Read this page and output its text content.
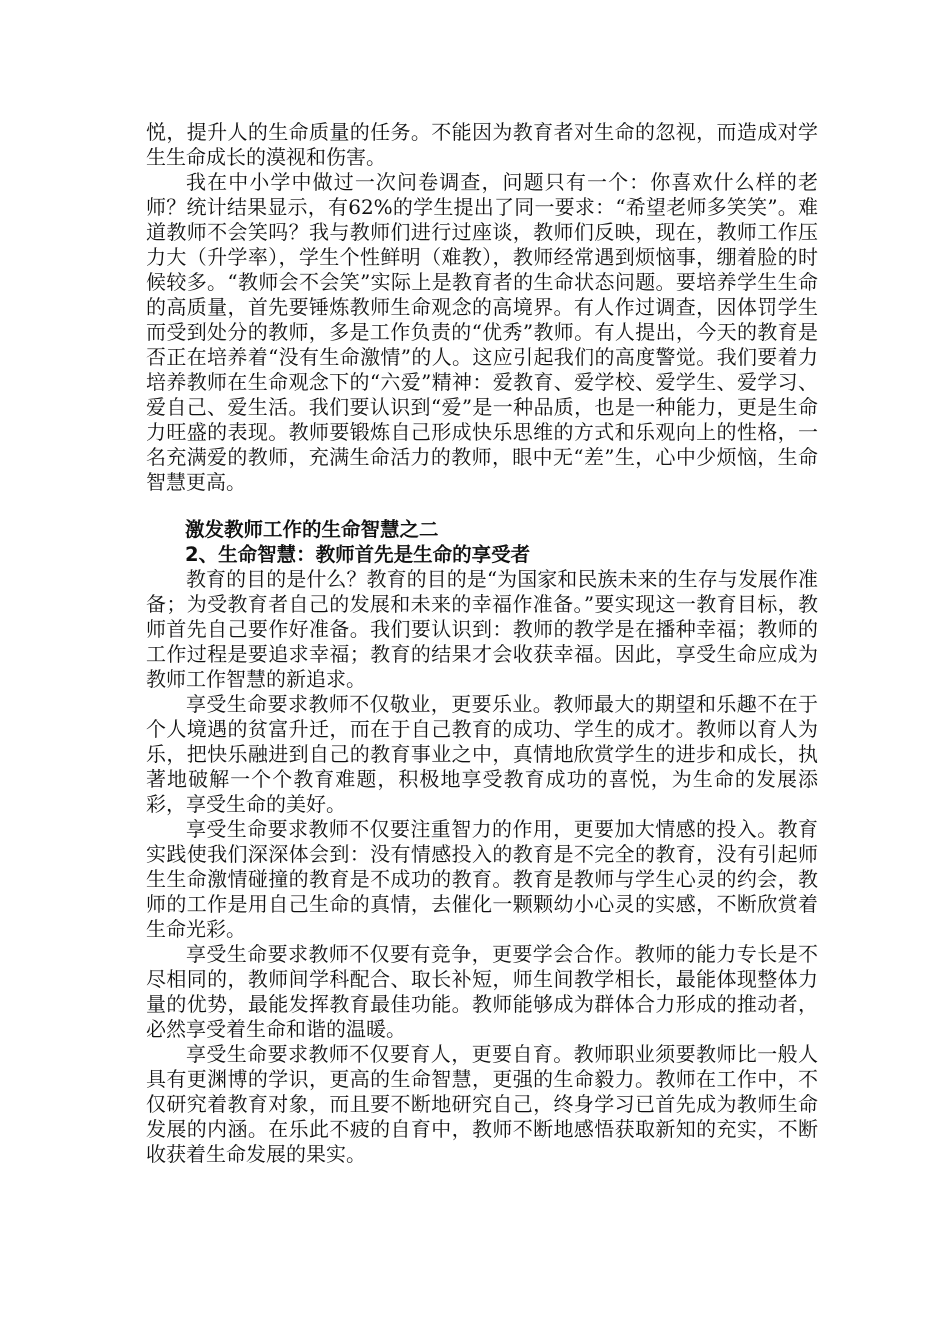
悦，提升人的生命质量的任务。不能因为教育者对生命的忽视，而造成对学生生命成长的漠视和伤害。

我在中小学中做过一次问卷调查，问题只有一个：你喜欢什么样的老师？统计结果显示，有62%的学生提出了同一要求：“希望老师多笑笑”。难道教师不会笑吗？我与教师们进行过座谈，教师们反映，现在，教师工作压力大（升学率），学生个性鲜明（难教），教师经常遇到烦恼事，绷着脸的时候较多。“教师会不会笑”实际上是教育者的生命状态问题。要培养学生生命的高质量，首先要锤炼教师生命观念的高境界。有人作过调查，因体罚学生而受到处分的教师，多是工作负责的“优秀”教师。有人提出，今天的教育是否正在培养着“没有生命激情”的人。这应引起我们的高度警觉。我们要着力培养教师在生命观念下的“六爱”精神：爱教育、爱学校、爱学生、爱学习、爱自己、爱生活。我们要认识到“爱”是一种品质，也是一种能力，更是生命力旺盛的表现。教师要锻炼自己形成快乐思维的方式和乐观向上的性格，一名充满爱的教师，充满生命活力的教师，眼中无“差”生，心中少烦恼，生命智慧更高。

激发教师工作的生命智慧之二

2、生命智慧：教师首先是生命的享受者

教育的目的是什么？教育的目的是“为国家和民族未来的生存与发展作准备；为受教育者自己的发展和未来的幸福作准备。”要实现这一教育目标，教师首先自己要作好准备。我们要认识到：教师的教学是在播种幸福；教师的工作过程是要追求幸福；教育的结果才会收获幸福。因此，享受生命应成为教师工作智慧的新追求。

享受生命要求教师不仅敬业，更要乐业。教师最大的期望和乐趣不在于个人境遇的贫富升迁，而在于自己教育的成功、学生的成才。教师以育人为乐，把快乐融进到自己的教育事业之中，真情地欣赏学生的进步和成长，执著地破解一个个教育难题，积极地享受教育成功的喜悦，为生命的发展添彩，享受生命的美好。

享受生命要求教师不仅要注重智力的作用，更要加大情感的投入。教育实践使我们深深体会到：没有情感投入的教育是不完全的教育，没有引起师生生命激情碰撞的教育是不成功的教育。教育是教师与学生心灵的约会，教师的工作是用自己生命的真情，去催化一颗颗幼小心灵的实感，不断欣赏着生命光彩。

享受生命要求教师不仅要有竞争，更要学会合作。教师的能力专长是不尽相同的，教师间学科配合、取长补短，师生间教学相长，最能体现整体力量的优势，最能发挥教育最佳功能。教师能够成为群体合力形成的推动者，必然享受着生命和谐的温暖。

享受生命要求教师不仅要育人，更要自育。教师职业须要教师比一般人具有更渊博的学识，更高的生命智慧，更强的生命毅力。教师在工作中，不仅研究着教育对象，而且要不断地研究自己，终身学习已首先成为教师生命发展的内涵。在乐此不疲的自育中，教师不断地感悟获取新知的充实，不断收获着生命发展的果实。
